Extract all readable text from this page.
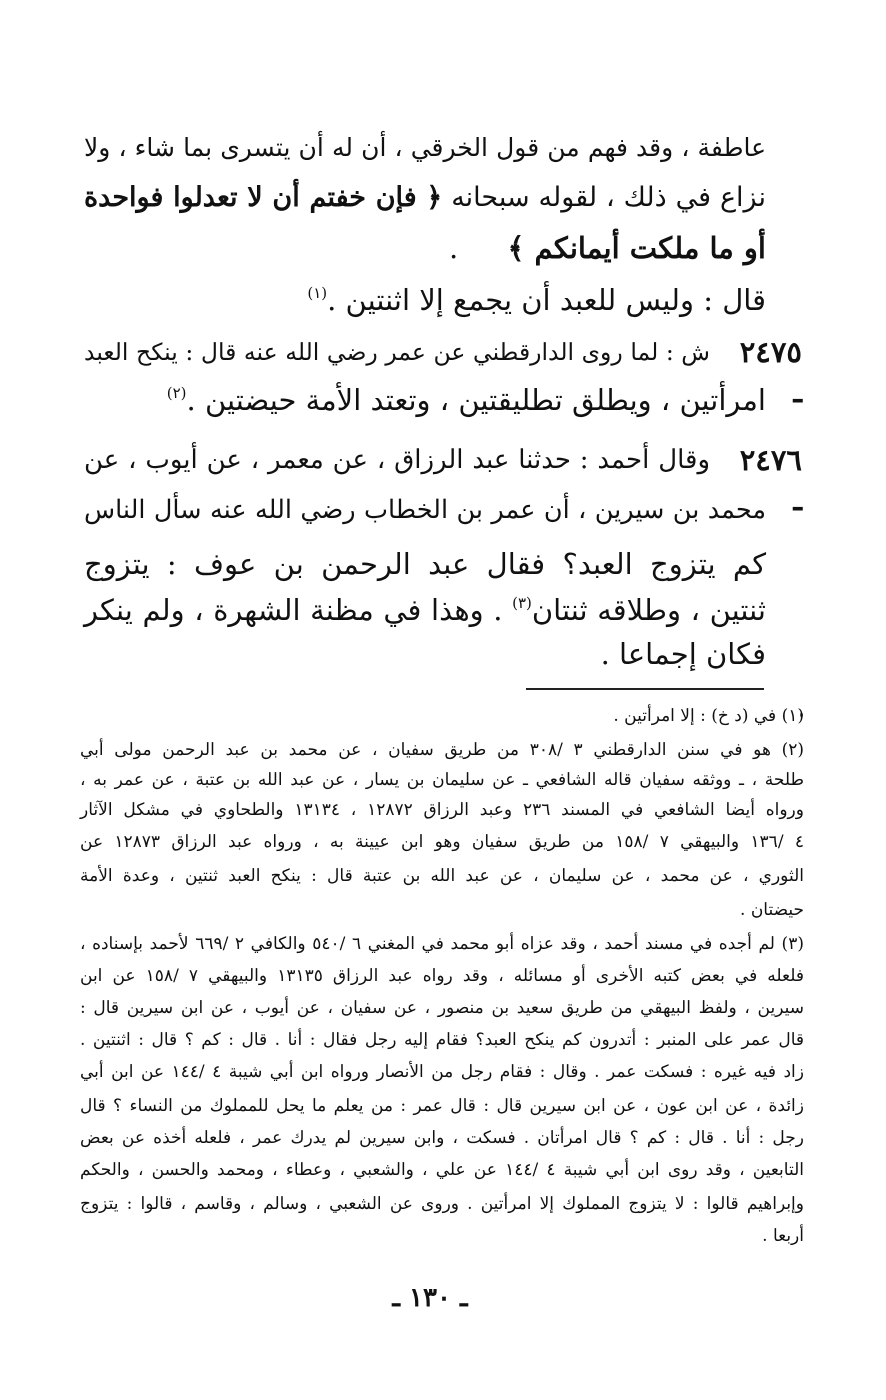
عاطفة ، وقد فهم من قول الخرقي ، أن له أن يتسرى بما شاء ، ولا
نزاع في ذلك ، لقوله سبحانه ﴿ فإن خفتم أن لا تعدلوا فواحدة
أو ما ملكت أيمانكم ﴾ .
قال : وليس للعبد أن يجمع إلا اثنتين .$^{(١)}$
٢٤٧٥ ـ
ش : لما روى الدارقطني عن عمر رضي الله عنه قال : ينكح العبد
امرأتين ، ويطلق تطليقتين ، وتعتد الأمة حيضتين .$^{(٢)}$
٢٤٧٦ ـ
وقال أحمد : حدثنا عبد الرزاق ، عن معمر ، عن أيوب ، عن
محمد بن سيرين ، أن عمر بن الخطاب رضي الله عنه سأل الناس
كم يتزوج العبد؟ فقال عبد الرحمن بن عوف : يتزوج
ثنتين ، وطلاقه ثنتان$^{(٣)}$ . وهذا في مظنة الشهرة ، ولم ينكر
فكان إجماعا .
(١) في (د خ) : إلا امرأتين .
(٢) هو في سنن الدارقطني ٣ /٣٠٨ من طريق سفيان ، عن محمد بن عبد الرحمن مولى أبي
طلحة ، ـ ووثقه سفيان قاله الشافعي ـ عن سليمان بن يسار ، عن عبد الله بن عتبة ، عن عمر به ،
ورواه أيضا الشافعي في المسند ٢٣٦ وعبد الرزاق ١٢٨٧٢ ، ١٣١٣٤ والطحاوي في مشكل الآثار
٤ /١٣٦ والبيهقي ٧ /١٥٨ من طريق سفيان وهو ابن عيينة به ، ورواه عبد الرزاق ١٢٨٧٣ عن
الثوري ، عن محمد ، عن سليمان ، عن عبد الله بن عتبة قال : ينكح العبد ثنتين ، وعدة الأمة
حيضتان .
(٣) لم أجده في مسند أحمد ، وقد عزاه أبو محمد في المغني ٦ /٥٤٠ والكافي ٢ /٦٦٩ لأحمد بإسناده ،
فلعله في بعض كتبه الأخرى أو مسائله ، وقد رواه عبد الرزاق ١٣١٣٥ والبيهقي ٧ /١٥٨ عن ابن
سيرين ، ولفظ البيهقي من طريق سعيد بن منصور ، عن سفيان ، عن أيوب ، عن ابن سيرين قال :
قال عمر على المنبر : أتدرون كم ينكح العبد؟ فقام إليه رجل فقال : أنا . قال : كم ؟ قال : اثنتين .
زاد فيه غيره : فسكت عمر . وقال : فقام رجل من الأنصار ورواه ابن أبي شيبة ٤ /١٤٤ عن ابن أبي
زائدة ، عن ابن عون ، عن ابن سيرين قال : قال عمر : من يعلم ما يحل للمملوك من النساء ؟ قال
رجل : أنا . قال : كم ؟ قال امرأتان . فسكت ، وابن سيرين لم يدرك عمر ، فلعله أخذه عن بعض
التابعين ، وقد روى ابن أبي شيبة ٤ /١٤٤ عن علي ، والشعبي ، وعطاء ، ومحمد والحسن ، والحكم
وإبراهيم قالوا : لا يتزوج المملوك إلا امرأتين . وروى عن الشعبي ، وسالم ، وقاسم ، قالوا : يتزوج
أربعا .
ـ ١٣٠ ـ
